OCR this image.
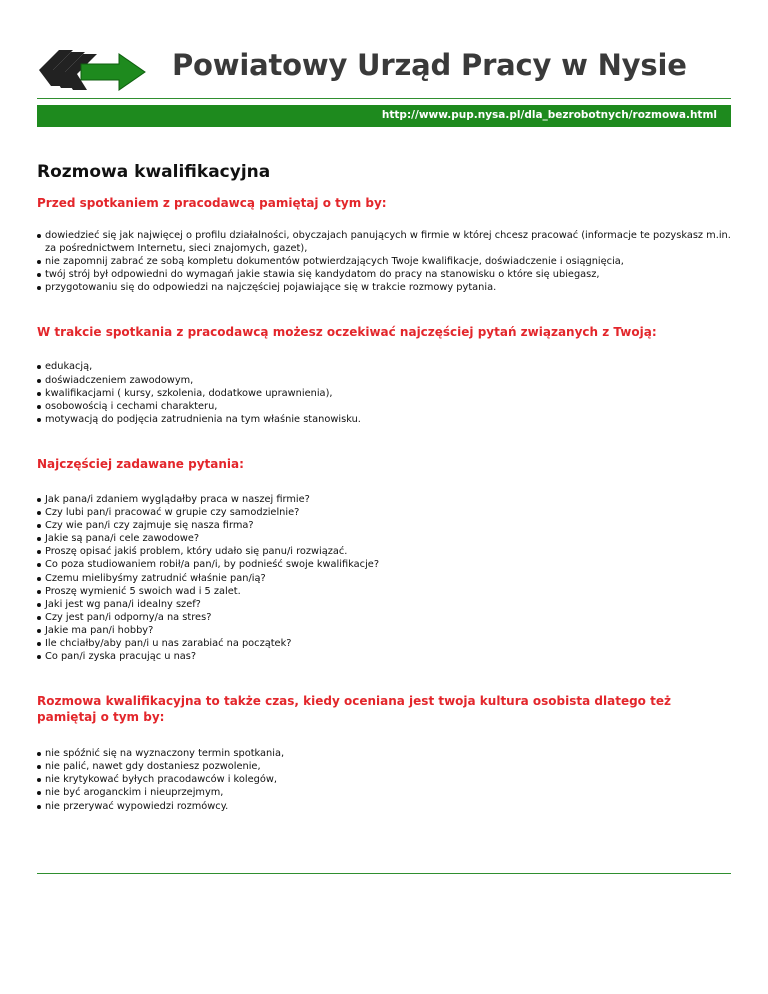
Powiatowy Urząd Pracy w Nysie
http://www.pup.nysa.pl/dla_bezrobotnych/rozmowa.html
Rozmowa kwalifikacyjna
Przed spotkaniem z pracodawcą pamiętaj o tym by:
dowiedzieć się jak najwięcej o profilu działalności, obyczajach panujących w firmie w której chcesz pracować (informacje te pozyskasz m.in. za pośrednictwem Internetu, sieci znajomych, gazet),
nie zapomnij zabrać ze sobą kompletu dokumentów potwierdzających Twoje kwalifikacje, doświadczenie i osiągnięcia,
twój strój był odpowiedni do wymagań jakie stawia się kandydatom do pracy na stanowisku o które się ubiegasz,
przygotowaniu się do odpowiedzi na najczęściej pojawiające się w trakcie rozmowy pytania.
W trakcie spotkania z pracodawcą możesz oczekiwać najczęściej pytań związanych z Twoją:
edukacją,
doświadczeniem zawodowym,
kwalifikacjami ( kursy, szkolenia, dodatkowe uprawnienia),
osobowością i cechami charakteru,
motywacją do podjęcia zatrudnienia na tym właśnie stanowisku.
Najczęściej zadawane pytania:
Jak pana/i zdaniem wyglądałby praca w naszej firmie?
Czy lubi pan/i pracować w grupie czy samodzielnie?
Czy wie pan/i czy zajmuje się nasza firma?
Jakie są pana/i cele zawodowe?
Proszę opisać jakiś problem, który udało się panu/i rozwiązać.
Co poza studiowaniem robił/a pan/i, by podnieść swoje kwalifikacje?
Czemu mielibyśmy zatrudnić właśnie pan/ią?
Proszę wymienić 5 swoich wad i 5 zalet.
Jaki jest wg pana/i idealny szef?
Czy jest pan/i odporny/a na stres?
Jakie ma pan/i hobby?
Ile chciałby/aby pan/i u nas zarabiać na początek?
Co pan/i zyska pracując u nas?
Rozmowa kwalifikacyjna to także czas, kiedy oceniana jest twoja kultura osobista dlatego też pamiętaj o tym by:
nie spóźnić się na wyznaczony termin spotkania,
nie palić, nawet gdy dostaniesz pozwolenie,
nie krytykować byłych pracodawców i kolegów,
nie być aroganckim i nieuprzejmym,
nie przerywać wypowiedzi rozmówcy.
